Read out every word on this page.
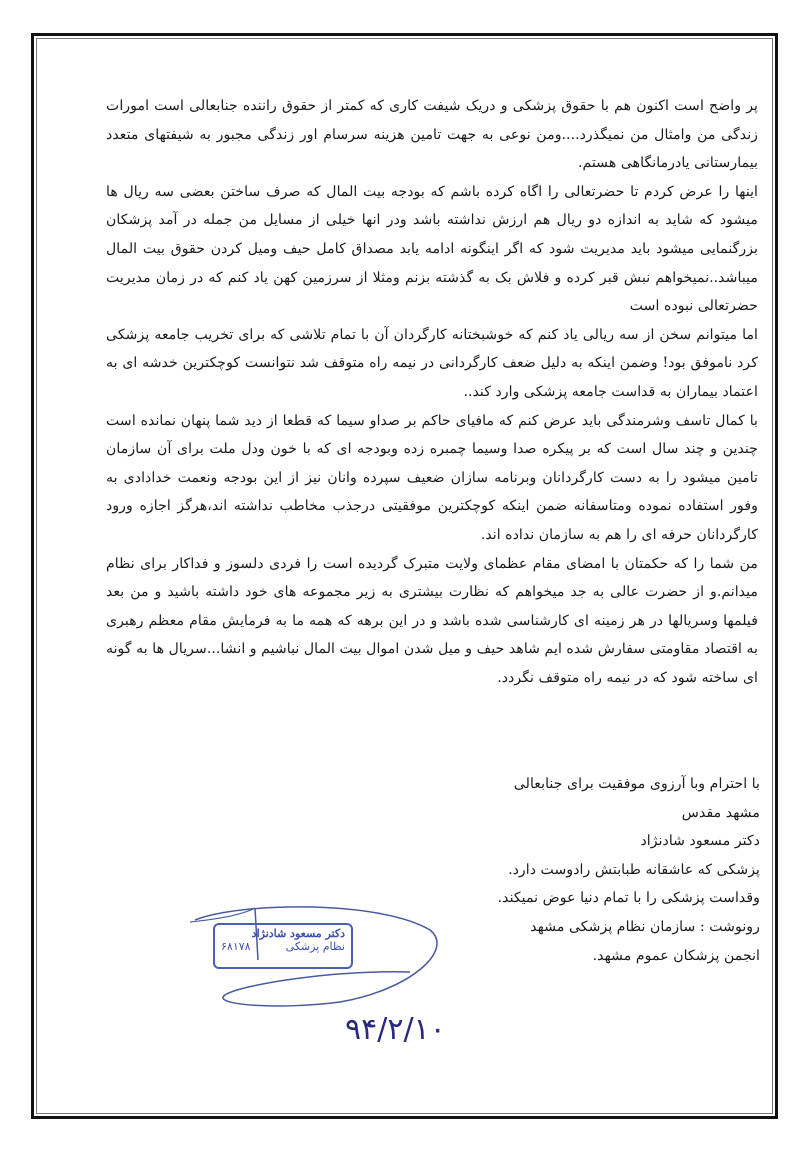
پر واضح است اکنون هم با حقوق پزشکی و دریک شیفت کاری که کمتر از حقوق راننده جنابعالی است امورات زندگی من وامثال من نمیگذرد....ومن نوعی به جهت تامین هزینه سرسام اور زندگی مجبور به شیفتهای متعدد بیمارستانی یادرمانگاهی هستم.

اینها را عرض کردم تا حضرتعالی را اگاه کرده باشم که بودجه بیت المال که صرف ساختن بعضی سه ریال ها میشود که شاید به اندازه دو ریال هم ارزش نداشته باشد ودر انها خیلی از مسایل من جمله در آمد پزشکان بزرگنمایی میشود باید مدیریت شود که اگر اینگونه ادامه یابد مصداق کامل حیف ومیل کردن حقوق بیت المال میباشد..نمیخواهم نبش قبر کرده و فلاش بک به گذشته بزنم ومثلا از سرزمین کهن یاد کنم که در زمان مدیریت حضرتعالی نبوده است

اما میتوانم سخن از سه ریالی یاد کنم که خوشبختانه کارگردان آن با تمام تلاشی که برای تخریب جامعه پزشکی کرد ناموفق بود! وضمن اینکه به دلیل ضعف کارگردانی در نیمه راه متوقف شد نتوانست کوچکترین خدشه ای به اعتماد بیماران به قداست جامعه پزشکی وارد کند..

با کمال تاسف وشرمندگی باید عرض کنم که مافیای حاکم بر صداو سیما که قطعا از دید شما پنهان نمانده است چندین و چند سال است که بر پیکره صدا وسیما چمبره زده وبودجه ای که با خون ودل ملت برای آن سازمان تامین میشود را به دست کارگردانان وبرنامه سازان ضعیف سپرده وانان نیز از این بودجه ونعمت خدادادی به وفور استفاده نموده ومتاسفانه ضمن اینکه کوچکترین موفقیتی درجذب مخاطب نداشته اند،هرگز اجازه ورود کارگردانان حرفه ای را هم به سازمان نداده اند.

من شما را که حکمتان با امضای مقام عظمای ولایت متبرک گردیده است را فردی دلسوز و فداکار برای نظام میدانم.و از حضرت عالی به جد میخواهم که نظارت بیشتری به زیر مجموعه های خود داشته باشید و من بعد فیلمها وسریالها در هر زمینه ای کارشناسی شده باشد و در این برهه که همه ما به فرمایش مقام معظم رهبری به اقتصاد مقاومتی سفارش شده ایم شاهد حیف و میل شدن اموال بیت المال نباشیم و انشا...سریال ها به گونه ای ساخته شود که در نیمه راه متوقف نگردد.

با احترام وبا آرزوی موفقیت برای جنابعالی
مشهد مقدس
دکتر مسعود شادنژاد
پزشکی که عاشقانه طبابتش رادوست دارد.
وقداست پزشکی را با تمام دنیا عوض نمیکند.
رونوشت : سازمان نظام پزشکی مشهد
انجمن پزشکان عموم مشهد.
دکتر مسعود شادنژاد
نظام پزشکی
۶۸۱۷۸
۹۴/۲/۱۰
